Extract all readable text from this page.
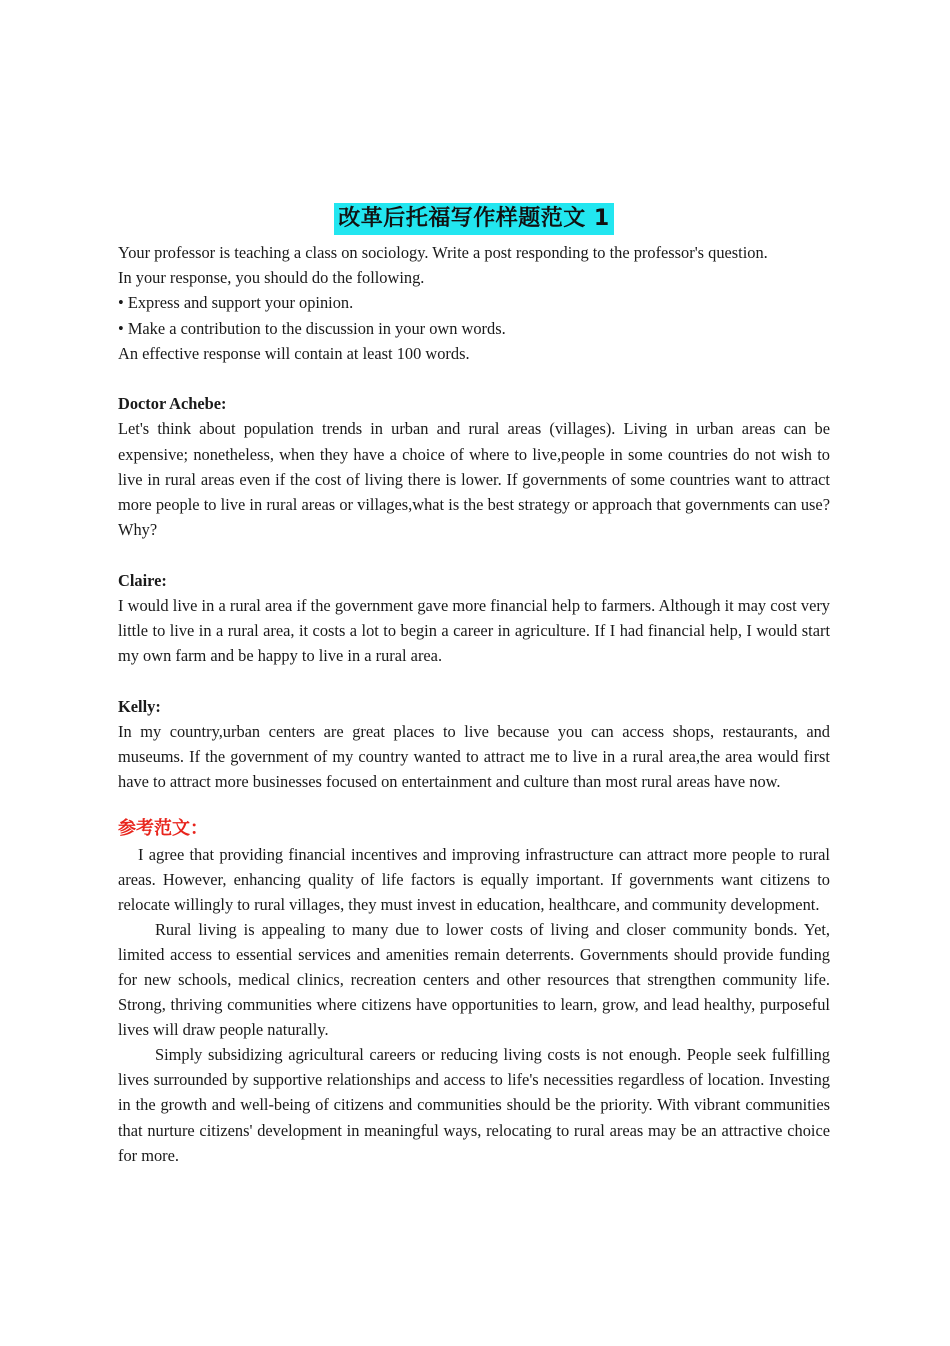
改革后托福写作样题范文 1

Your professor is teaching a class on sociology. Write a post responding to the professor's question.

In your response, you should do the following.

• Express and support your opinion.

• Make a contribution to the discussion in your own words.

An effective response will contain at least 100 words.

Doctor Achebe:

Let's think about population trends in urban and rural areas (villages). Living in urban areas can be expensive; nonetheless, when they have a choice of where to live,people in some countries do not wish to live in rural areas even if the cost of living there is lower. If governments of some countries want to attract more people to live in rural areas or villages,what is the best strategy or approach that governments can use? Why?

Claire:

I would live in a rural area if the government gave more financial help to farmers. Although it may cost very little to live in a rural area, it costs a lot to begin a career in agriculture. If I had financial help, I would start my own farm and be happy to live in a rural area.

Kelly:

In my country,urban centers are great places to live because you can access shops, restaurants, and museums. If the government of my country wanted to attract me to live in a rural area,the area would first have to attract more businesses focused on entertainment and culture than most rural areas have now.

参考范文：

I agree that providing financial incentives and improving infrastructure can attract more people to rural areas. However, enhancing quality of life factors is equally important. If governments want citizens to relocate willingly to rural villages, they must invest in education, healthcare, and community development.

Rural living is appealing to many due to lower costs of living and closer community bonds. Yet, limited access to essential services and amenities remain deterrents. Governments should provide funding for new schools, medical clinics, recreation centers and other resources that strengthen community life. Strong, thriving communities where citizens have opportunities to learn, grow, and lead healthy, purposeful lives will draw people naturally.

Simply subsidizing agricultural careers or reducing living costs is not enough. People seek fulfilling lives surrounded by supportive relationships and access to life's necessities regardless of location. Investing in the growth and well-being of citizens and communities should be the priority. With vibrant communities that nurture citizens' development in meaningful ways, relocating to rural areas may be an attractive choice for more.
